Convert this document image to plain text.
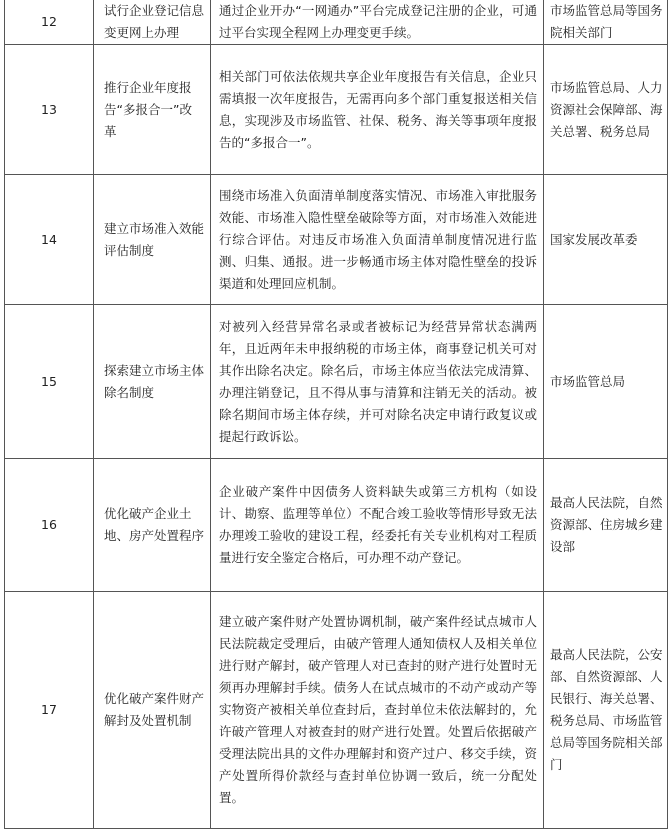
12	试行企业登记信息变更网上办理	通过企业开办“一网通办”平台完成登记注册的企业，可通过平台实现全程网上办理变更手续。	市场监管总局等国务院相关部门
13	推行企业年度报告“多报合一”改革	相关部门可依法依规共享企业年度报告有关信息，企业只需填报一次年度报告，无需再向多个部门重复报送相关信息，实现涉及市场监管、社保、税务、海关等事项年度报告的“多报合一”。	市场监管总局、人力资源社会保障部、海关总署、税务总局
14	建立市场准入效能评估制度	围绕市场准入负面清单制度落实情况、市场准入审批服务效能、市场准入隐性壁垒破除等方面，对市场准入效能进行综合评估。对违反市场准入负面清单制度情况进行监测、归集、通报。进一步畅通市场主体对隐性壁垒的投诉渠道和处理回应机制。	国家发展改革委
15	探索建立市场主体除名制度	对被列入经营异常名录或者被标记为经营异常状态满两年，且近两年未申报纳税的市场主体，商事登记机关可对其作出除名决定。除名后，市场主体应当依法完成清算、办理注销登记，且不得从事与清算和注销无关的活动。被除名期间市场主体存续，并可对除名决定申请行政复议或提起行政诉讼。	市场监管总局
16	优化破产企业土地、房产处置程序	企业破产案件中因债务人资料缺失或第三方机构（如设计、勘察、监理等单位）不配合竣工验收等情形导致无法办理竣工验收的建设工程，经委托有关专业机构对工程质量进行安全鉴定合格后，可办理不动产登记。	最高人民法院，自然资源部、住房城乡建设部
17	优化破产案件财产解封及处置机制	建立破产案件财产处置协调机制，破产案件经试点城市人民法院裁定受理后，由破产管理人通知债权人及相关单位进行财产解封，破产管理人对已查封的财产进行处置时无须再办理解封手续。债务人在试点城市的不动产或动产等实物资产被相关单位查封后，查封单位未依法解封的，允许破产管理人对被查封的财产进行处置。处置后依据破产受理法院出具的文件办理解封和资产过户、移交手续，资产处置所得价款经与查封单位协调一致后，统一分配处置。	最高人民法院，公安部、自然资源部、人民银行、海关总署、税务总局、市场监管总局等国务院相关部门
